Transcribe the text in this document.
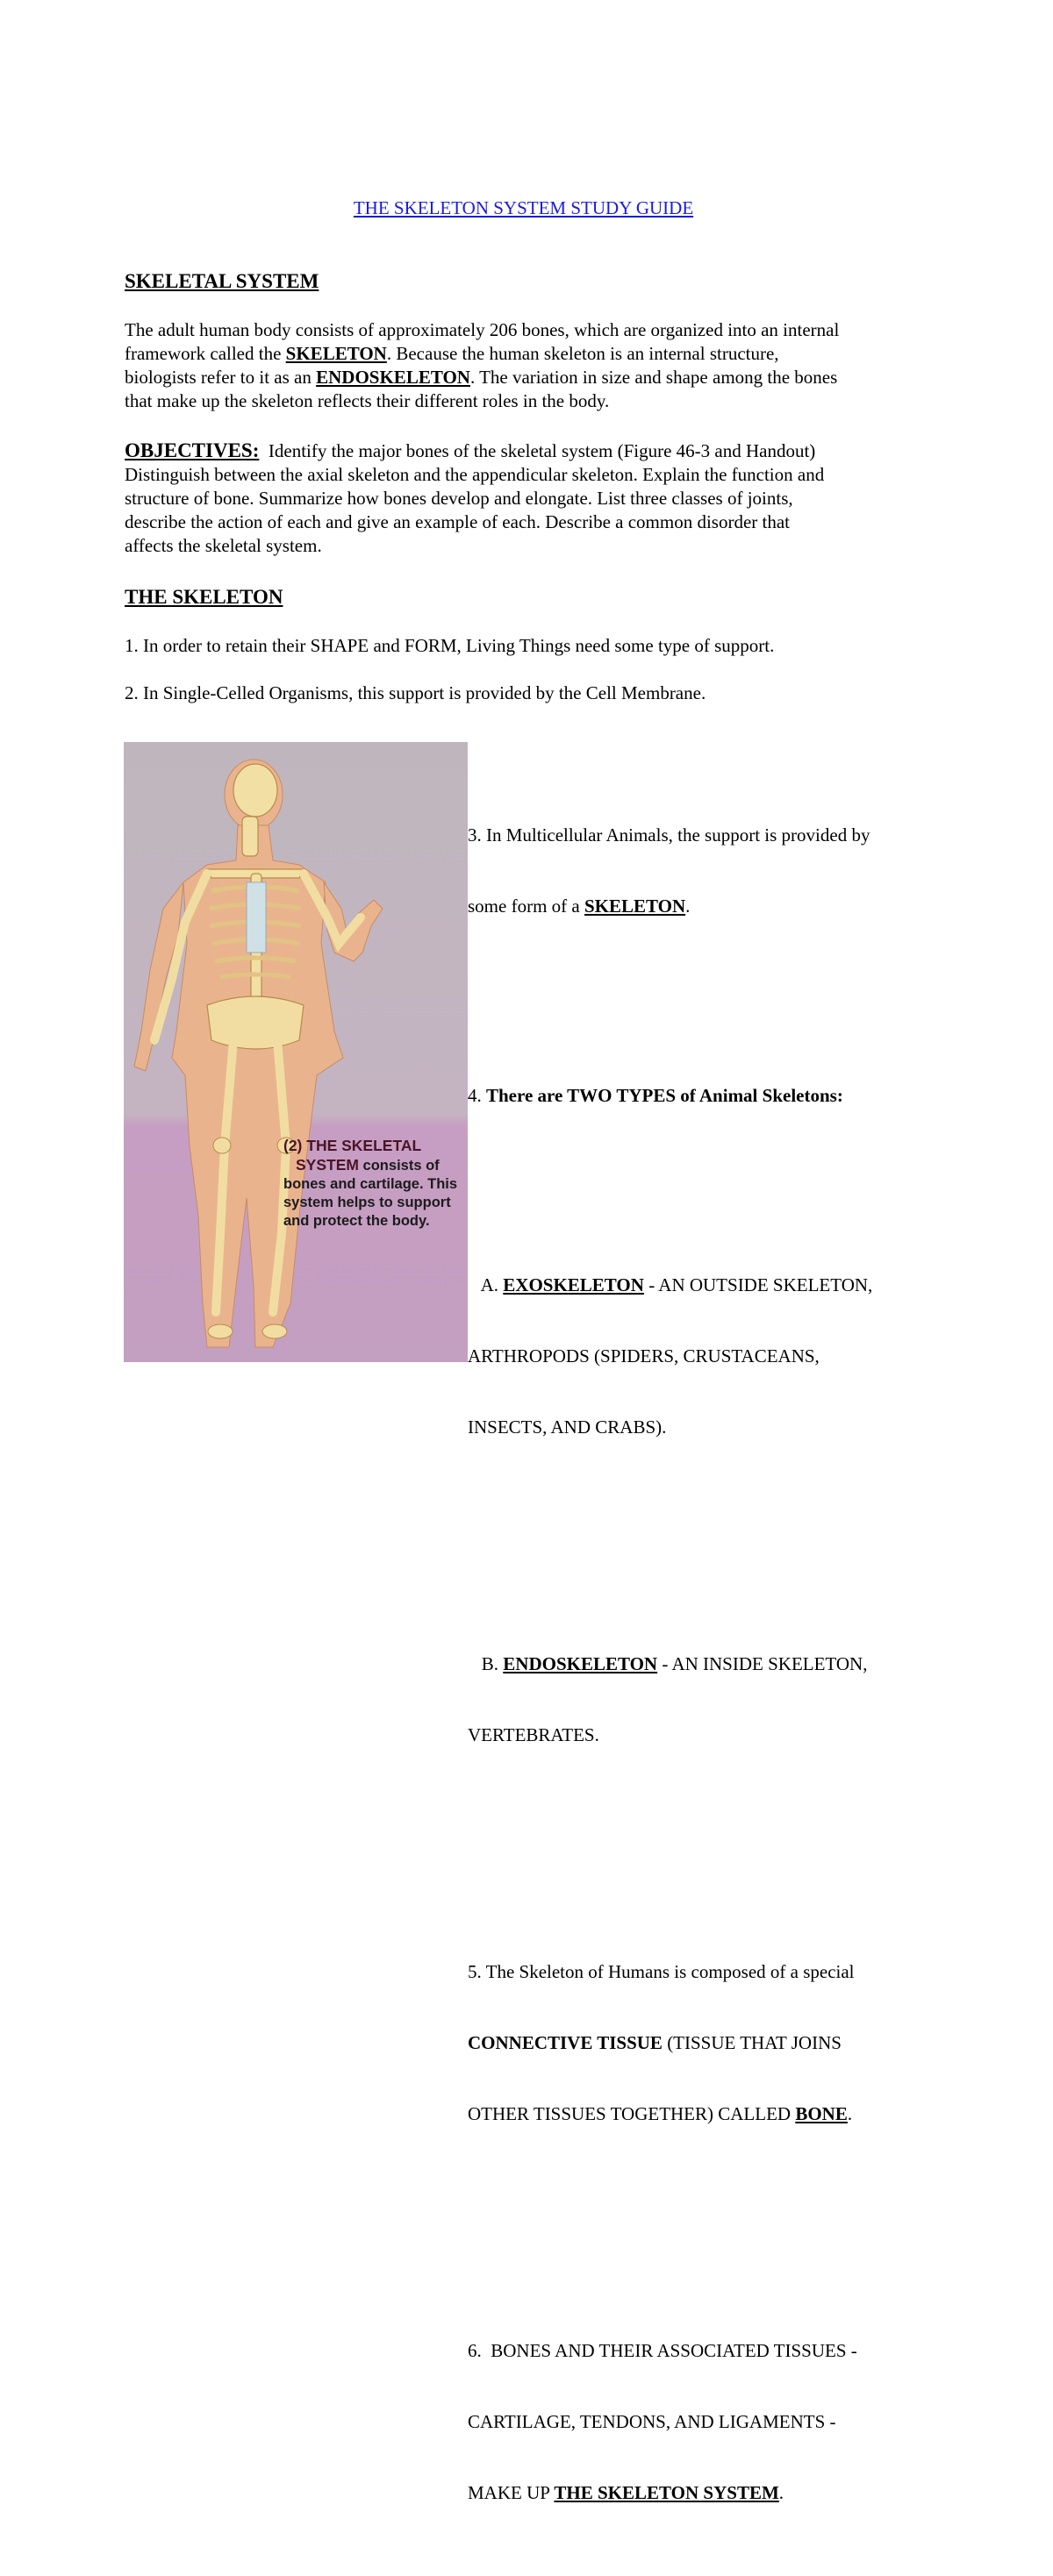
THE SKELETON SYSTEM STUDY GUIDE
SKELETAL SYSTEM
The adult human body consists of approximately 206 bones, which are organized into an internal
framework called the SKELETON. Because the human skeleton is an internal structure,
biologists refer to it as an ENDOSKELETON. The variation in size and shape among the bones
that make up the skeleton reflects their different roles in the body.
OBJECTIVES:  Identify the major bones of the skeletal system (Figure 46-3 and Handout)
Distinguish between the axial skeleton and the appendicular skeleton. Explain the function and
structure of bone. Summarize how bones develop and elongate. List three classes of joints,
describe the action of each and give an example of each. Describe a common disorder that
affects the skeletal system.
THE SKELETON
1. In order to retain their SHAPE and FORM, Living Things need some type of support.
2. In Single-Celled Organisms, this support is provided by the Cell Membrane.

3. In Multicellular Animals, the support is provided by

some form of a SKELETON.

4. There are TWO TYPES of Animal Skeletons:

A. EXOSKELETON - AN OUTSIDE SKELETON,

ARTHROPODS (SPIDERS, CRUSTACEANS,

INSECTS, AND CRABS).

B. ENDOSKELETON - AN INSIDE SKELETON,

VERTEBRATES.

5. The Skeleton of Humans is composed of a special

CONNECTIVE TISSUE (TISSUE THAT JOINS

OTHER TISSUES TOGETHER) CALLED BONE.

6.  BONES AND THEIR ASSOCIATED TISSUES -

CARTILAGE, TENDONS, AND LIGAMENTS -

MAKE UP THE SKELETON SYSTEM.

(2) THE SKELETAL
SYSTEM consists of
bones and cartilage. This
system helps to support
and protect the body.
